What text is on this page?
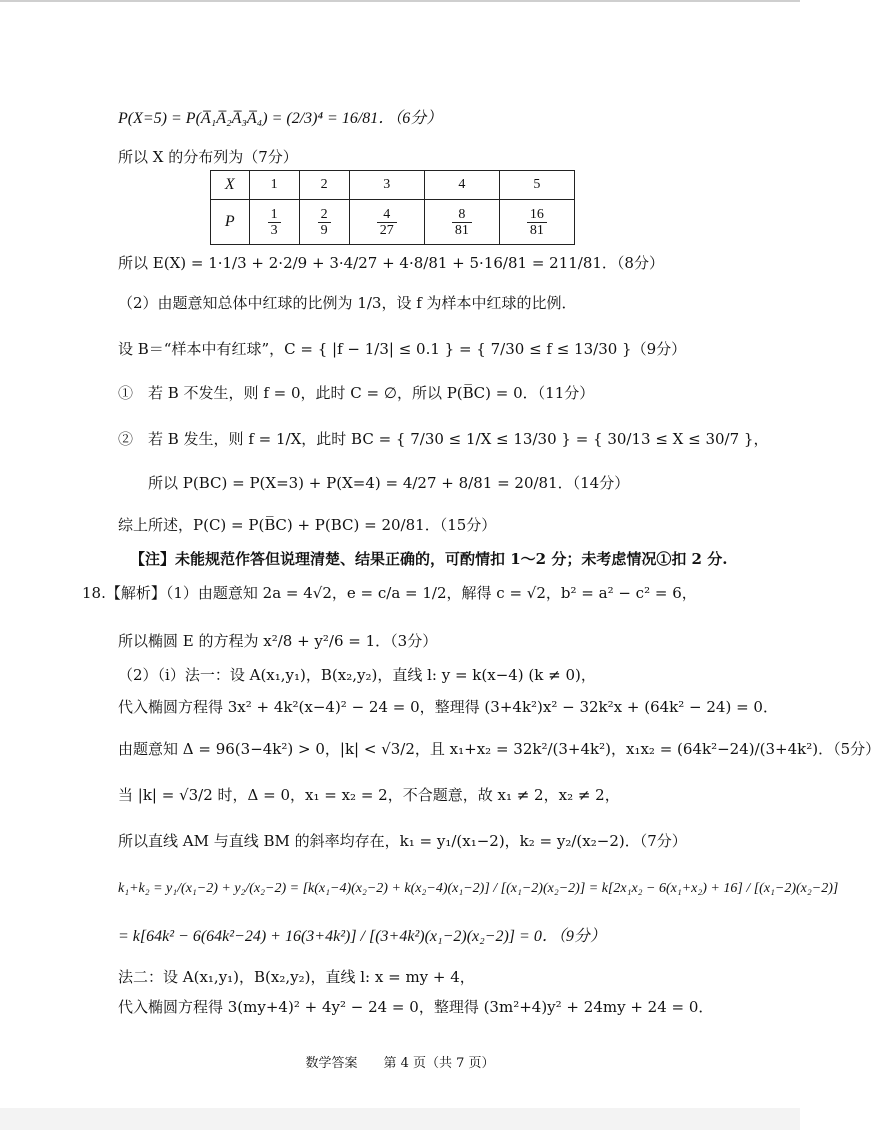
P(X=5) = P(A̅₁A̅₂A̅₃A̅₄) = (2/3)⁴ = 16/81．（6分）
所以 X 的分布列为（7分）
X	1	2	3	4	5
P	$\frac{1}{3}$	$\frac{2}{9}$	$\frac{4}{27}$	$\frac{8}{81}$	$\frac{16}{81}$
所以 E(X) = 1·1/3 + 2·2/9 + 3·4/27 + 4·8/81 + 5·16/81 = 211/81．（8分）
（2）由题意知总体中红球的比例为 1/3，设 f 为样本中红球的比例．
设 B＝“样本中有红球”，C = { |f − 1/3| ≤ 0.1 } = { 7/30 ≤ f ≤ 13/30 }（9分）
①　若 B 不发生，则 f = 0，此时 C = ∅，所以 P(B̅C) = 0．（11分）
②　若 B 发生，则 f = 1/X，此时 BC = { 7/30 ≤ 1/X ≤ 13/30 } = { 30/13 ≤ X ≤ 30/7 }，
所以 P(BC) = P(X=3) + P(X=4) = 4/27 + 8/81 = 20/81．（14分）
综上所述，P(C) = P(B̅C) + P(BC) = 20/81．（15分）
【注】未能规范作答但说理清楚、结果正确的，可酌情扣 1～2 分；未考虑情况①扣 2 分.
18.【解析】（1）由题意知 2a = 4√2，e = c/a = 1/2，解得 c = √2，b² = a² − c² = 6，
所以椭圆 E 的方程为 x²/8 + y²/6 = 1．（3分）
（2）（i）法一：设 A(x₁,y₁)，B(x₂,y₂)，直线 l: y = k(x−4) (k ≠ 0)，
代入椭圆方程得 3x² + 4k²(x−4)² − 24 = 0，整理得 (3+4k²)x² − 32k²x + (64k² − 24) = 0．
由题意知 Δ = 96(3−4k²) > 0，|k| < √3/2，且 x₁+x₂ = 32k²/(3+4k²)，x₁x₂ = (64k²−24)/(3+4k²)．（5分）
当 |k| = √3/2 时，Δ = 0，x₁ = x₂ = 2，不合题意，故 x₁ ≠ 2，x₂ ≠ 2，
所以直线 AM 与直线 BM 的斜率均存在，k₁ = y₁/(x₁−2)，k₂ = y₂/(x₂−2)．（7分）
k₁+k₂ = y₁/(x₁−2) + y₂/(x₂−2) = [k(x₁−4)(x₂−2) + k(x₂−4)(x₁−2)] / [(x₁−2)(x₂−2)] = k[2x₁x₂ − 6(x₁+x₂) + 16] / [(x₁−2)(x₂−2)]
= k[64k² − 6(64k²−24) + 16(3+4k²)] / [(3+4k²)(x₁−2)(x₂−2)] = 0．（9分）
法二：设 A(x₁,y₁)，B(x₂,y₂)，直线 l: x = my + 4，
代入椭圆方程得 3(my+4)² + 4y² − 24 = 0，整理得 (3m²+4)y² + 24my + 24 = 0．
数学答案　　第 4 页（共 7 页）
